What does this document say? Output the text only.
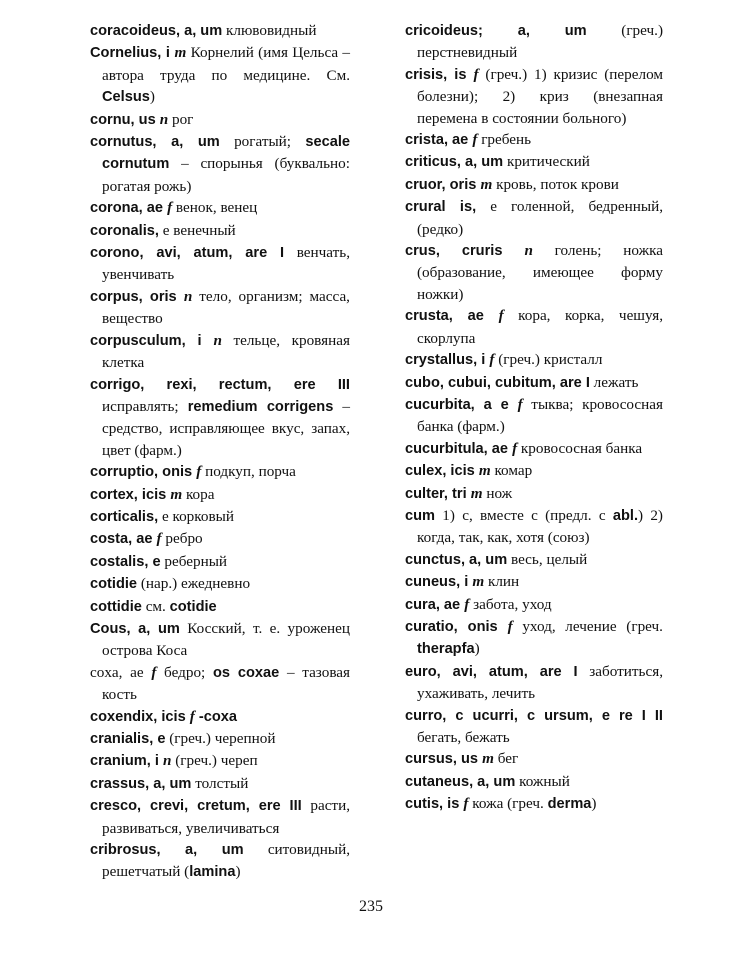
coracoideus, a, um клювовидный
Cornelius, i m Корнелий (имя Цельса – автора труда по медицине. См. Celsus)
cornu, us n рог
cornutus, a, um рогатый; secale cornutum – спорынья (буквально: рогатая рожь)
corona, ae f венок, венец
coronalis, e венечный
corono, avi, atum, are I венчать, увенчивать
corpus, oris n тело, организм; масса, вещество
corpusculum, i n тельце, кровяная клетка
corrigo, rexi, rectum, ere III исправлять; remedium corrigens – средство, исправляющее вкус, запах, цвет (фарм.)
corruptio, onis f подкуп, порча
cortex, icis m кора
corticalis, e корковый
costa, ae f ребро
costalis, e реберный
cotidie (нар.) ежедневно
cottidie см. cotidie
Cous, a, um Косский, т. е. уроженец острова Коса
coxa, ae f бедро; os coxae – тазовая кость
coxendix, icis f -coxa
cranialis, e (греч.) черепной
cranium, i n (греч.) череп
crassus, a, um толстый
cresco, crevi, cretum, ere III расти, развиваться, увеличиваться
cribrosus, a, um ситовидный, решетчатый (lamina)
cricoideus; a, um (греч.) перстневидный
crisis, is f (греч.) 1) кризис (перелом болезни); 2) криз (внезапная перемена в состоянии больного)
crista, ae f гребень
criticus, a, um критический
cruor, oris m кровь, поток крови
crural is, e голенной, бедренный, (редко)
crus, cruris n голень; ножка (образование, имеющее форму ножки)
crusta, ae f кора, корка, чешуя, скорлупа
crystallus, i f (греч.) кристалл
cubo, cubui, cubitum, are I лежать
cucurbita, a e f тыква; кровососная банка (фарм.)
cucurbitula, ae f кровососная банка
culex, icis m комар
culter, tri m нож
cum 1) с, вместе с (предл. с abl.) 2) когда, так, как, хотя (союз)
cunctus, a, um весь, целый
cuneus, i m клин
cura, ae f забота, уход
curatio, onis f уход, лечение (греч. therapfa)
euro, avi, atum, are I заботиться, ухаживать, лечить
curro, c ucurri, c ursum, e re I II бегать, бежать
cursus, us m бег
cutaneus, a, um кожный
cutis, is f кожа (греч. derma)
235
